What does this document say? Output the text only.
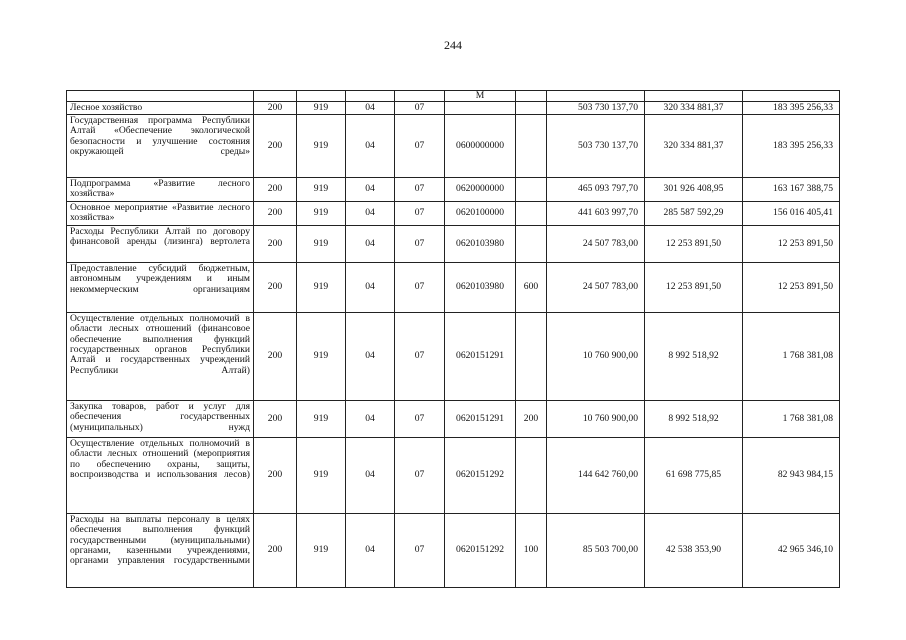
244
					М				
Лесное хозяйство	200	919	04	07			503 730 137,70	320 334 881,37	183 395 256,33
Государственная программа Республики Алтай «Обеспечение экологической безопасности и улучшение состояния окружающей среды»	200	919	04	07	0600000000		503 730 137,70	320 334 881,37	183 395 256,33
Подпрограмма «Развитие лесного хозяйства»	200	919	04	07	0620000000		465 093 797,70	301 926 408,95	163 167 388,75
Основное мероприятие «Развитие лесного хозяйства»	200	919	04	07	0620100000		441 603 997,70	285 587 592,29	156 016 405,41
Расходы Республики Алтай по договору финансовой аренды (лизинга) вертолета	200	919	04	07	0620103980		24 507 783,00	12 253 891,50	12 253 891,50
Предоставление субсидий бюджетным, автономным учреждениям и иным некоммерческим организациям	200	919	04	07	0620103980	600	24 507 783,00	12 253 891,50	12 253 891,50
Осуществление отдельных полномочий в области лесных отношений (финансовое обеспечение выполнения функций государственных органов Республики Алтай и государственных учреждений Республики Алтай)	200	919	04	07	0620151291		10 760 900,00	8 992 518,92	1 768 381,08
Закупка товаров, работ и услуг для обеспечения государственных (муниципальных) нужд	200	919	04	07	0620151291	200	10 760 900,00	8 992 518,92	1 768 381,08
Осуществление отдельных полномочий в области лесных отношений (мероприятия по обеспечению охраны, защиты, воспроизводства и использования лесов)	200	919	04	07	0620151292		144 642 760,00	61 698 775,85	82 943 984,15
Расходы на выплаты персоналу в целях обеспечения выполнения функций государственными (муниципальными) органами, казенными учреждениями, органами управления государственными	200	919	04	07	0620151292	100	85 503 700,00	42 538 353,90	42 965 346,10
